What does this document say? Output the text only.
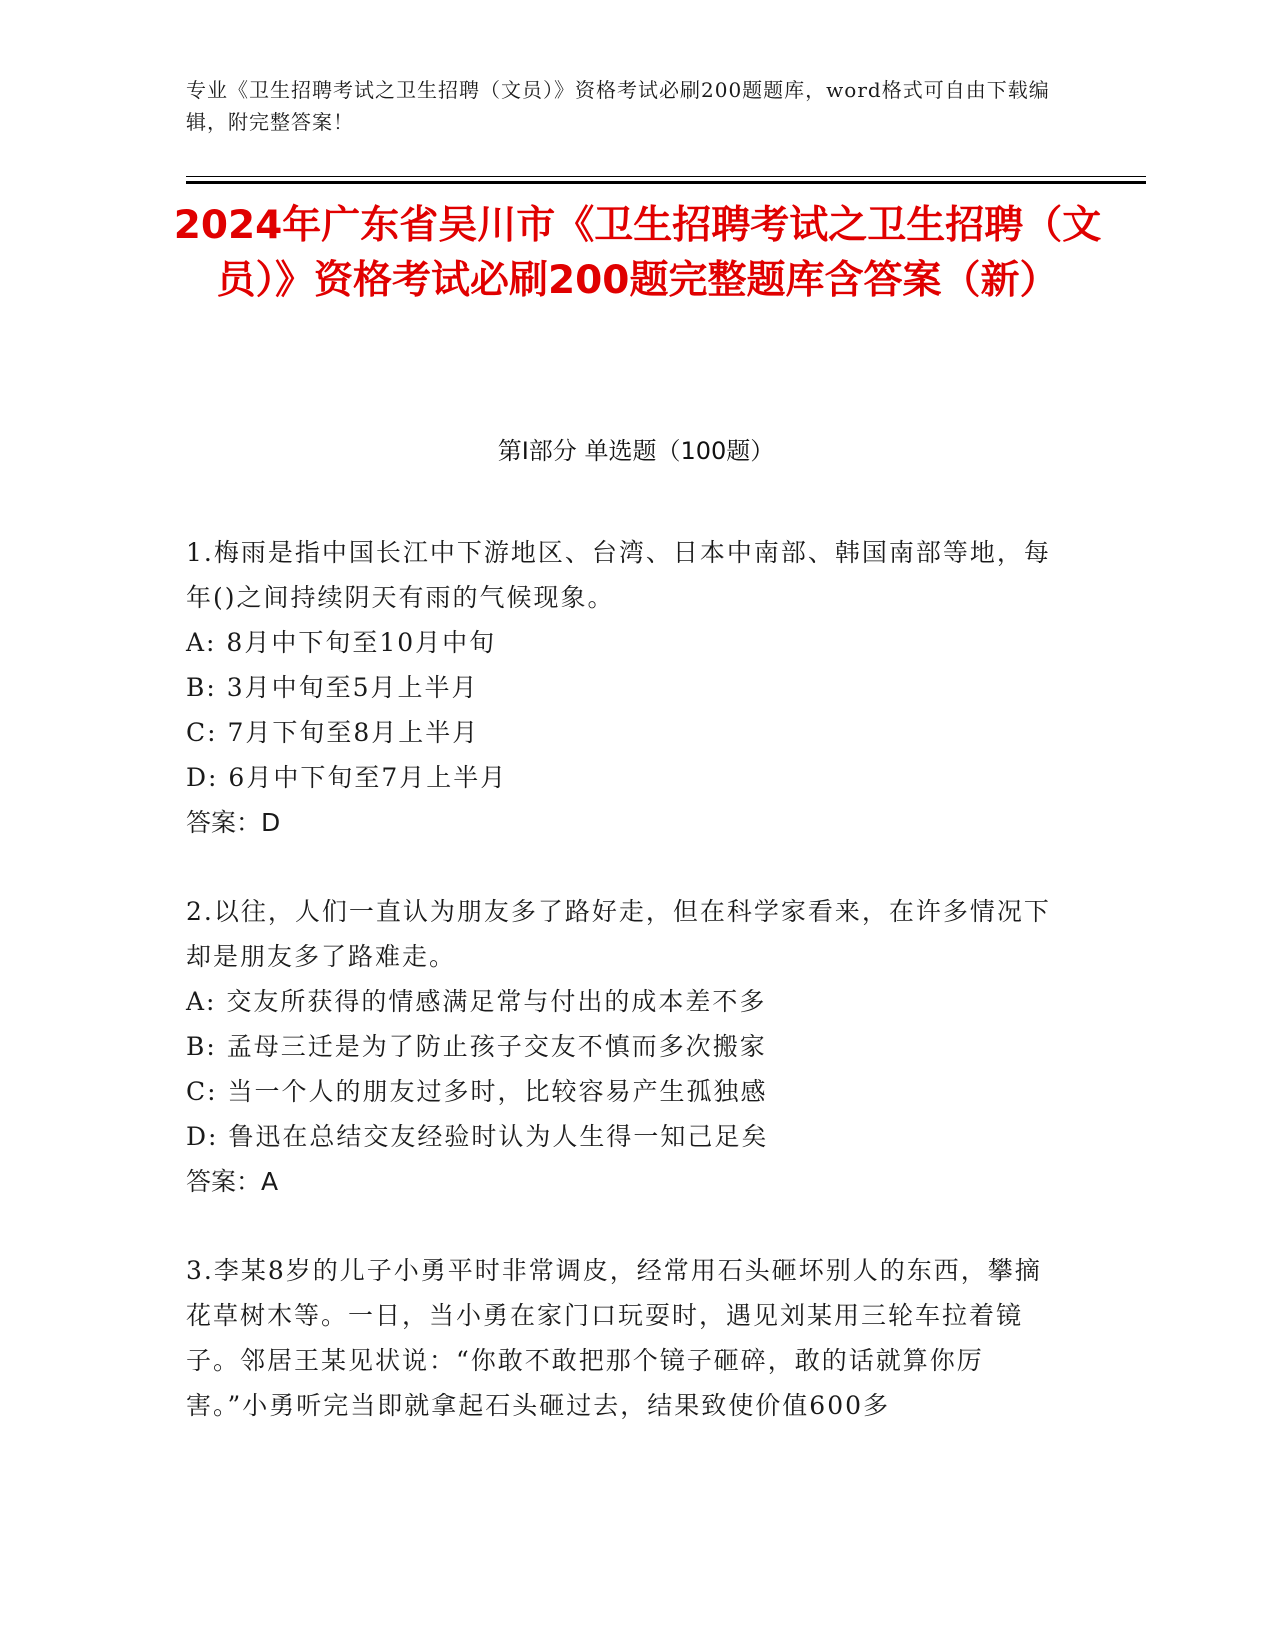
专业《卫生招聘考试之卫生招聘（文员）》资格考试必刷200题题库，word格式可自由下载编辑，附完整答案！
2024年广东省吴川市《卫生招聘考试之卫生招聘（文员）》资格考试必刷200题完整题库含答案（新）
第I部分 单选题（100题）

1.梅雨是指中国长江中下游地区、台湾、日本中南部、韩国南部等地，每年()之间持续阴天有雨的气候现象。

A: 8月中下旬至10月中旬

B: 3月中旬至5月上半月

C: 7月下旬至8月上半月

D: 6月中下旬至7月上半月

答案：D

2.以往，人们一直认为朋友多了路好走，但在科学家看来，在许多情况下却是朋友多了路难走。

A: 交友所获得的情感满足常与付出的成本差不多

B: 孟母三迁是为了防止孩子交友不慎而多次搬家

C: 当一个人的朋友过多时，比较容易产生孤独感

D: 鲁迅在总结交友经验时认为人生得一知己足矣

答案：A

3.李某8岁的儿子小勇平时非常调皮，经常用石头砸坏别人的东西，攀摘花草树木等。一日，当小勇在家门口玩耍时，遇见刘某用三轮车拉着镜子。邻居王某见状说：“你敢不敢把那个镜子砸碎，敢的话就算你厉害。”小勇听完当即就拿起石头砸过去，结果致使价值600多
